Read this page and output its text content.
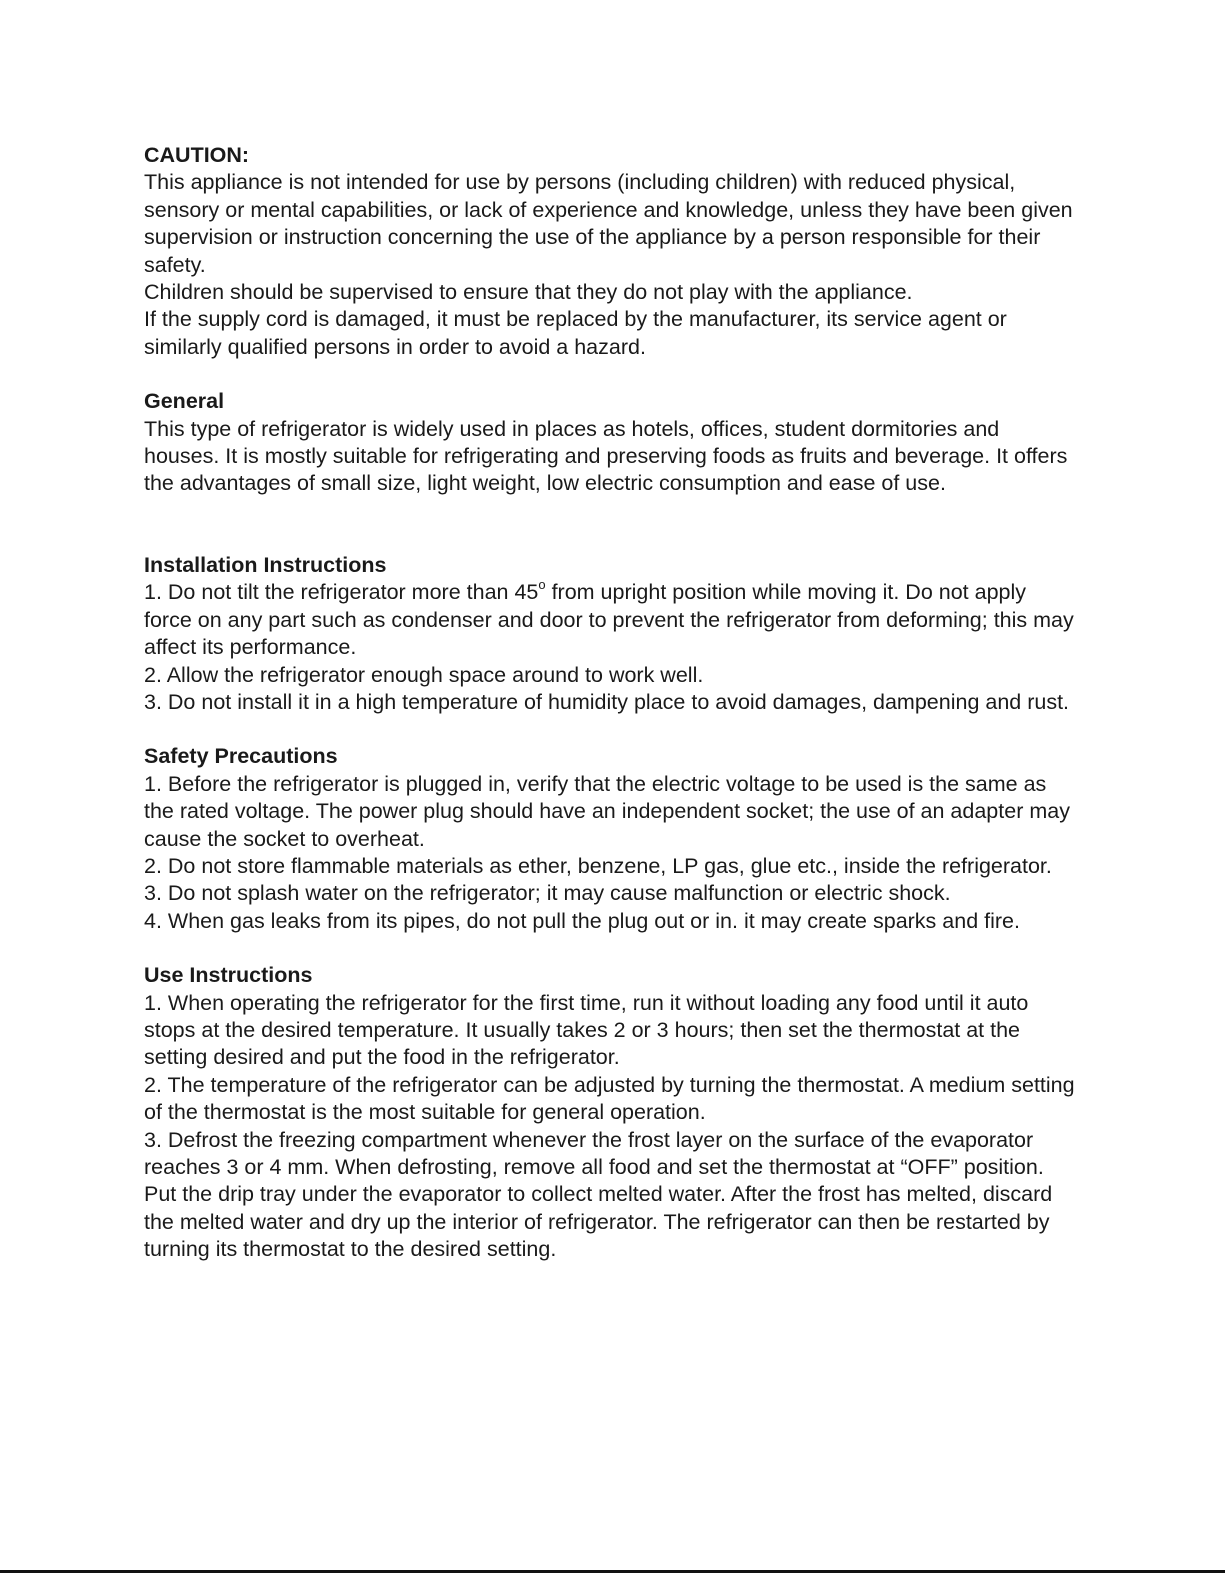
CAUTION:

This appliance is not intended for use by persons (including children) with reduced physical, sensory or mental capabilities, or lack of experience and knowledge, unless they have been given supervision or instruction concerning the use of the appliance by a person responsible for their safety.

Children should be supervised to ensure that they do not play with the appliance.

If the supply cord is damaged, it must be replaced by the manufacturer, its service agent or similarly qualified persons in order to avoid a hazard.

General

This type of refrigerator is widely used in places as hotels, offices, student dormitories and houses. It is mostly suitable for refrigerating and preserving foods as fruits and beverage. It offers the advantages of small size, light weight, low electric consumption and ease of use.

Installation Instructions

1. Do not tilt the refrigerator more than 45$^o$ from upright position while moving it. Do not apply force on any part such as condenser and door to prevent the refrigerator from deforming; this may affect its performance.

2. Allow the refrigerator enough space around to work well.

3. Do not install it in a high temperature of humidity place to avoid damages, dampening and rust.

Safety Precautions

1. Before the refrigerator is plugged in, verify that the electric voltage to be used is the same as the rated voltage. The power plug should have an independent socket; the use of an adapter may cause the socket to overheat.

2. Do not store flammable materials as ether, benzene, LP gas, glue etc., inside the refrigerator.

3. Do not splash water on the refrigerator; it may cause malfunction or electric shock.

4. When gas leaks from its pipes, do not pull the plug out or in. it may create sparks and fire.

Use Instructions

1. When operating the refrigerator for the first time, run it without loading any food until it auto stops at the desired temperature. It usually takes 2 or 3 hours; then set the thermostat at the setting desired and put the food in the refrigerator.

2. The temperature of the refrigerator can be adjusted by turning the thermostat. A medium setting of the thermostat is the most suitable for general operation.

3. Defrost the freezing compartment whenever the frost layer on the surface of the evaporator reaches 3 or 4 mm. When defrosting, remove all food and set the thermostat at “OFF” position. Put the drip tray under the evaporator to collect melted water. After the frost has melted, discard the melted water and dry up the interior of refrigerator. The refrigerator can then be restarted by turning its thermostat to the desired setting.
